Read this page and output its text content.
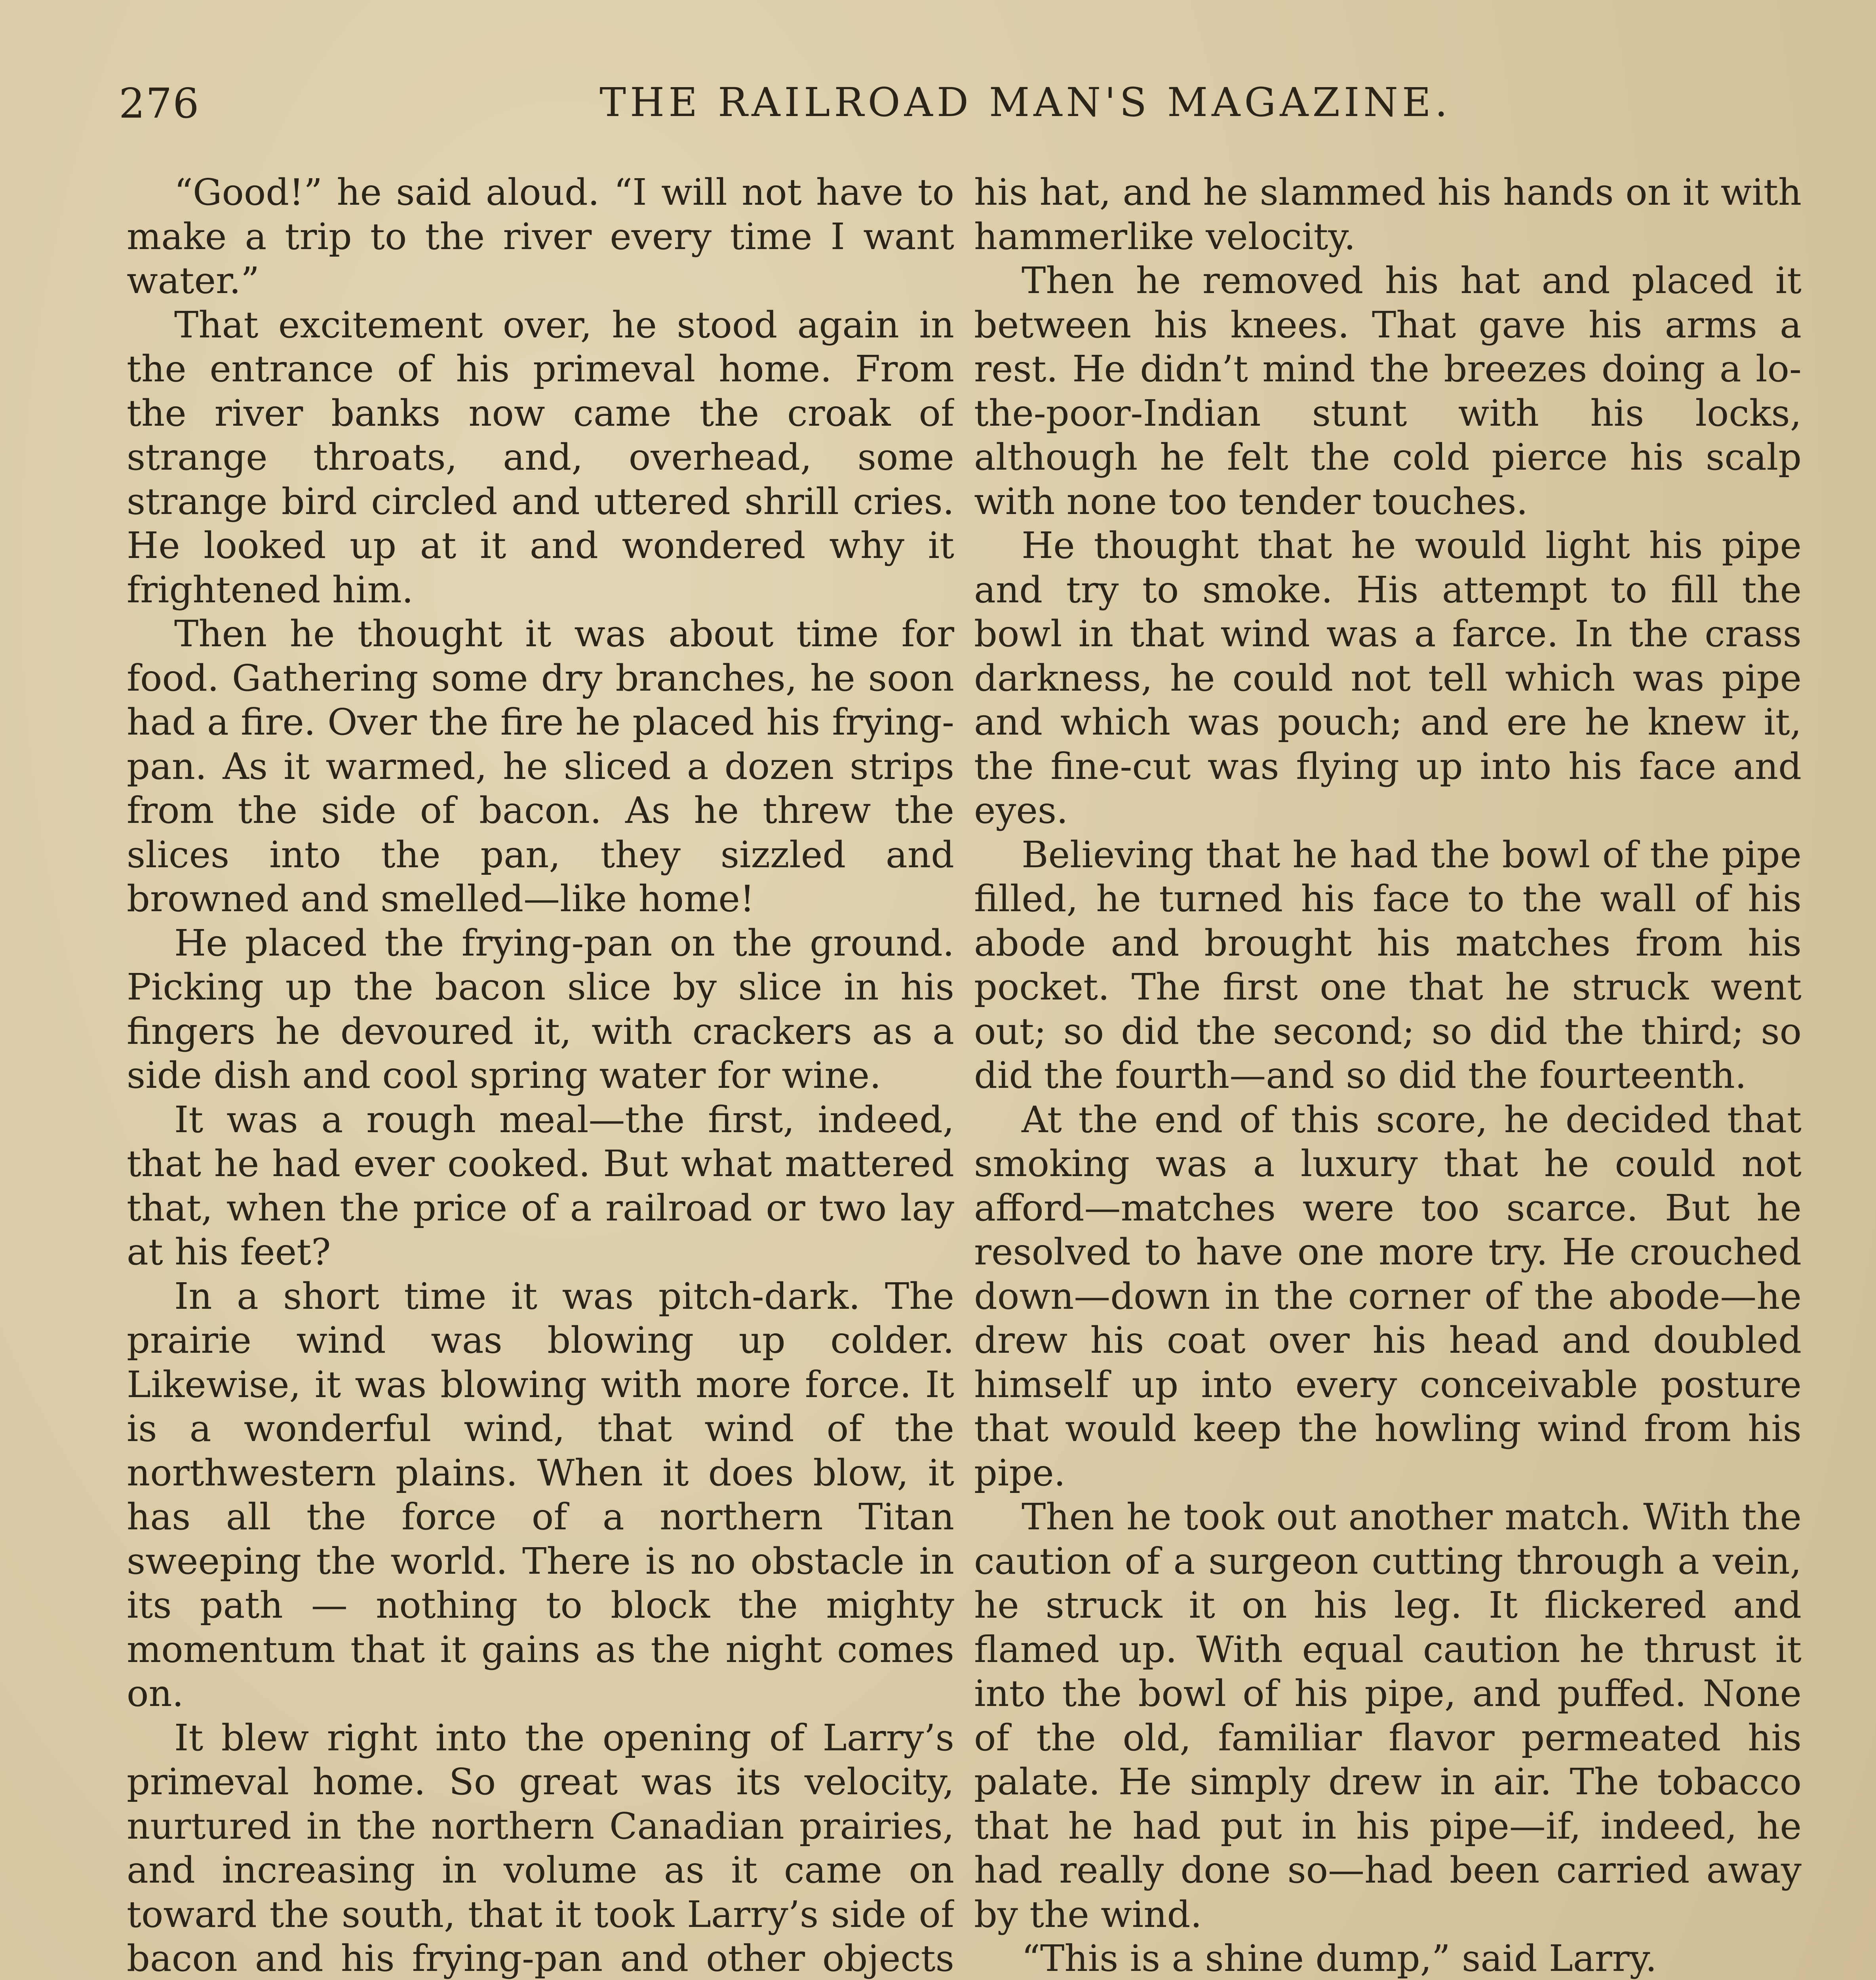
276	THE RAILROAD MAN'S MAGAZINE.

“Good!” he said aloud. “I will not have to make a trip to the river every time I want water.”

That excitement over, he stood again in the entrance of his primeval home. From the river banks now came the croak of strange throats, and, overhead, some strange bird circled and uttered shrill cries. He looked up at it and wondered why it frightened him.

Then he thought it was about time for food. Gathering some dry branches, he soon had a fire. Over the fire he placed his frying-pan. As it warmed, he sliced a dozen strips from the side of bacon. As he threw the slices into the pan, they sizzled and browned and smelled—like home!

He placed the frying-pan on the ground. Picking up the bacon slice by slice in his fingers he devoured it, with crackers as a side dish and cool spring water for wine.

It was a rough meal—the first, indeed, that he had ever cooked. But what mattered that, when the price of a railroad or two lay at his feet?

In a short time it was pitch-dark. The prairie wind was blowing up colder. Likewise, it was blowing with more force. It is a wonderful wind, that wind of the northwestern plains. When it does blow, it has all the force of a northern Titan sweeping the world. There is no obstacle in its path — nothing to block the mighty momentum that it gains as the night comes on.

It blew right into the opening of Larry’s primeval home. So great was its velocity, nurtured in the northern Canadian prairies, and increasing in volume as it came on toward the south, that it took Larry’s side of bacon and his frying-pan and other objects

his hat, and he slammed his hands on it with hammerlike velocity.

Then he removed his hat and placed it between his knees. That gave his arms a rest. He didn’t mind the breezes doing a lo-the-poor-Indian stunt with his locks, although he felt the cold pierce his scalp with none too tender touches.

He thought that he would light his pipe and try to smoke. His attempt to fill the bowl in that wind was a farce. In the crass darkness, he could not tell which was pipe and which was pouch; and ere he knew it, the fine-cut was flying up into his face and eyes.

Believing that he had the bowl of the pipe filled, he turned his face to the wall of his abode and brought his matches from his pocket. The first one that he struck went out; so did the second; so did the third; so did the fourth—and so did the fourteenth.

At the end of this score, he decided that smoking was a luxury that he could not afford—matches were too scarce. But he resolved to have one more try. He crouched down—down in the corner of the abode—he drew his coat over his head and doubled himself up into every conceivable posture that would keep the howling wind from his pipe.

Then he took out another match. With the caution of a surgeon cutting through a vein, he struck it on his leg. It flickered and flamed up. With equal caution he thrust it into the bowl of his pipe, and puffed. None of the old, familiar flavor permeated his palate. He simply drew in air. The tobacco that he had put in his pipe—if, indeed, he had really done so—had been carried away by the wind.

“This is a shine dump,” said Larry.
